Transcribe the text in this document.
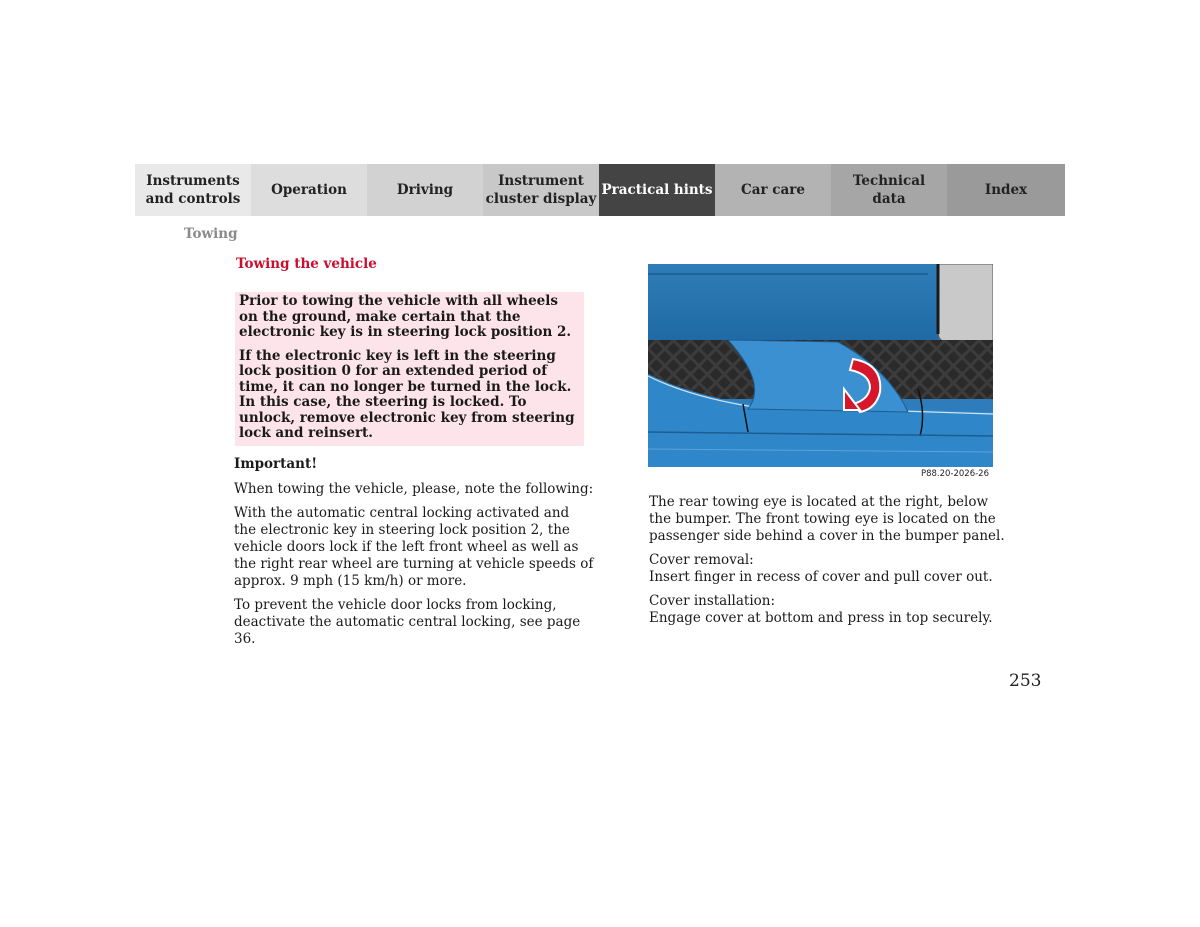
Instruments
and controls
Operation	Driving
Instrument
cluster display
Practical hints	Car care
Technical
data
Index
Towing
Towing the vehicle

Prior to towing the vehicle with all wheels on the ground, make certain that the electronic key is in steering lock position 2.

If the electronic key is left in the steering lock position 0 for an extended period of time, it can no longer be turned in the lock. In this case, the steering is locked. To unlock, remove electronic key from steering lock and reinsert.

Important!

When towing the vehicle, please, note the following:

With the automatic central locking activated and the electronic key in steering lock position 2, the vehicle doors lock if the left front wheel as well as the right rear wheel are turning at vehicle speeds of approx. 9 mph (15 km/h) or more.

To prevent the vehicle door locks from locking, deactivate the automatic central locking, see page 36.

P88.20-2026-26

The rear towing eye is located at the right, below the bumper. The front towing eye is located on the passenger side behind a cover in the bumper panel.

Cover removal:
Insert finger in recess of cover and pull cover out.

Cover installation:
Engage cover at bottom and press in top securely.

253
